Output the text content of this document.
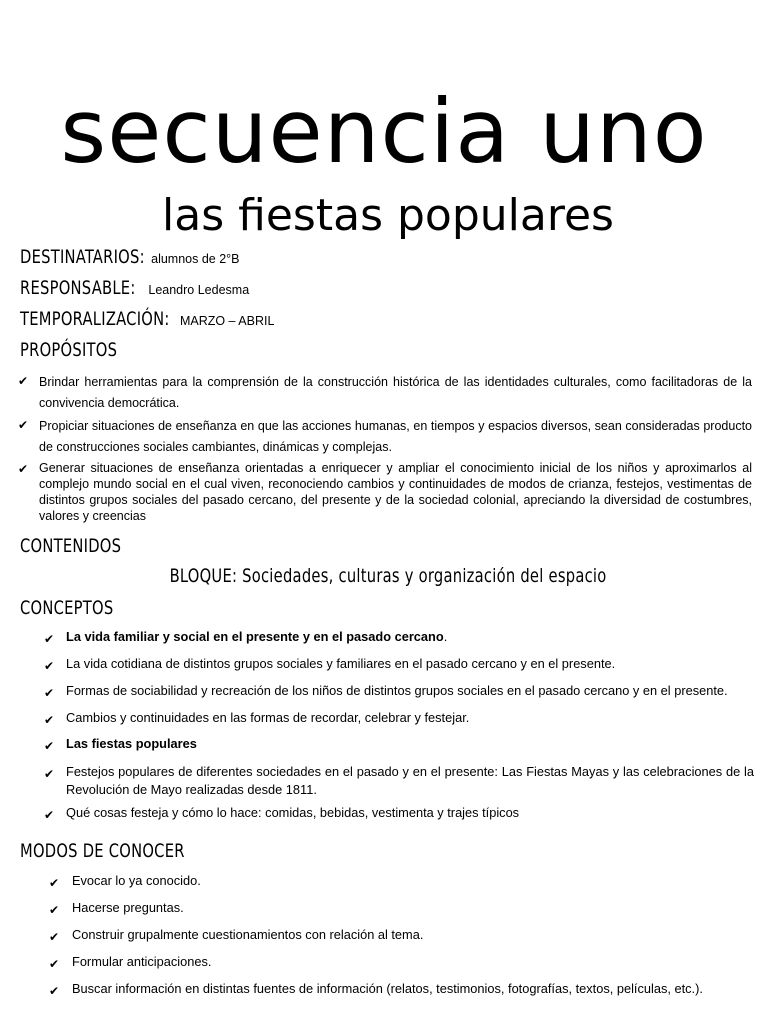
secuencia uno
las fiestas populares
DESTINATARIOS: alumnos de 2°B
RESPONSABLE: Leandro Ledesma
TEMPORALIZACIÓN: MARZO – ABRIL
PROPÓSITOS
✔ Brindar herramientas para la comprensión de la construcción histórica de las identidades culturales, como facilitadoras de la convivencia democrática.
✔ Propiciar situaciones de enseñanza en que las acciones humanas, en tiempos y espacios diversos, sean consideradas producto de construcciones sociales cambiantes, dinámicas y complejas.
✔ Generar situaciones de enseñanza orientadas a enriquecer y ampliar el conocimiento inicial de los niños y aproximarlos al complejo mundo social en el cual viven, reconociendo cambios y continuidades de modos de crianza, festejos, vestimentas de distintos grupos sociales del pasado cercano, del presente y de la sociedad colonial, apreciando la diversidad de costumbres, valores y creencias
CONTENIDOS
BLOQUE: Sociedades, culturas y organización del espacio
CONCEPTOS
✔ La vida familiar y social en el presente y en el pasado cercano.
✔ La vida cotidiana de distintos grupos sociales y familiares en el pasado cercano y en el presente.
✔ Formas de sociabilidad y recreación de los niños de distintos grupos sociales en el pasado cercano y en el presente.
✔ Cambios y continuidades en las formas de recordar, celebrar y festejar.
✔ Las fiestas populares
✔ Festejos populares de diferentes sociedades en el pasado y en el presente: Las Fiestas Mayas y las celebraciones de la Revolución de Mayo realizadas desde 1811.
✔ Qué cosas festeja y cómo lo hace: comidas, bebidas, vestimenta y trajes típicos
MODOS DE CONOCER
✔ Evocar lo ya conocido.
✔ Hacerse preguntas.
✔ Construir grupalmente cuestionamientos con relación al tema.
✔ Formular anticipaciones.
✔ Buscar información en distintas fuentes de información (relatos, testimonios, fotografías, textos, películas, etc.).
